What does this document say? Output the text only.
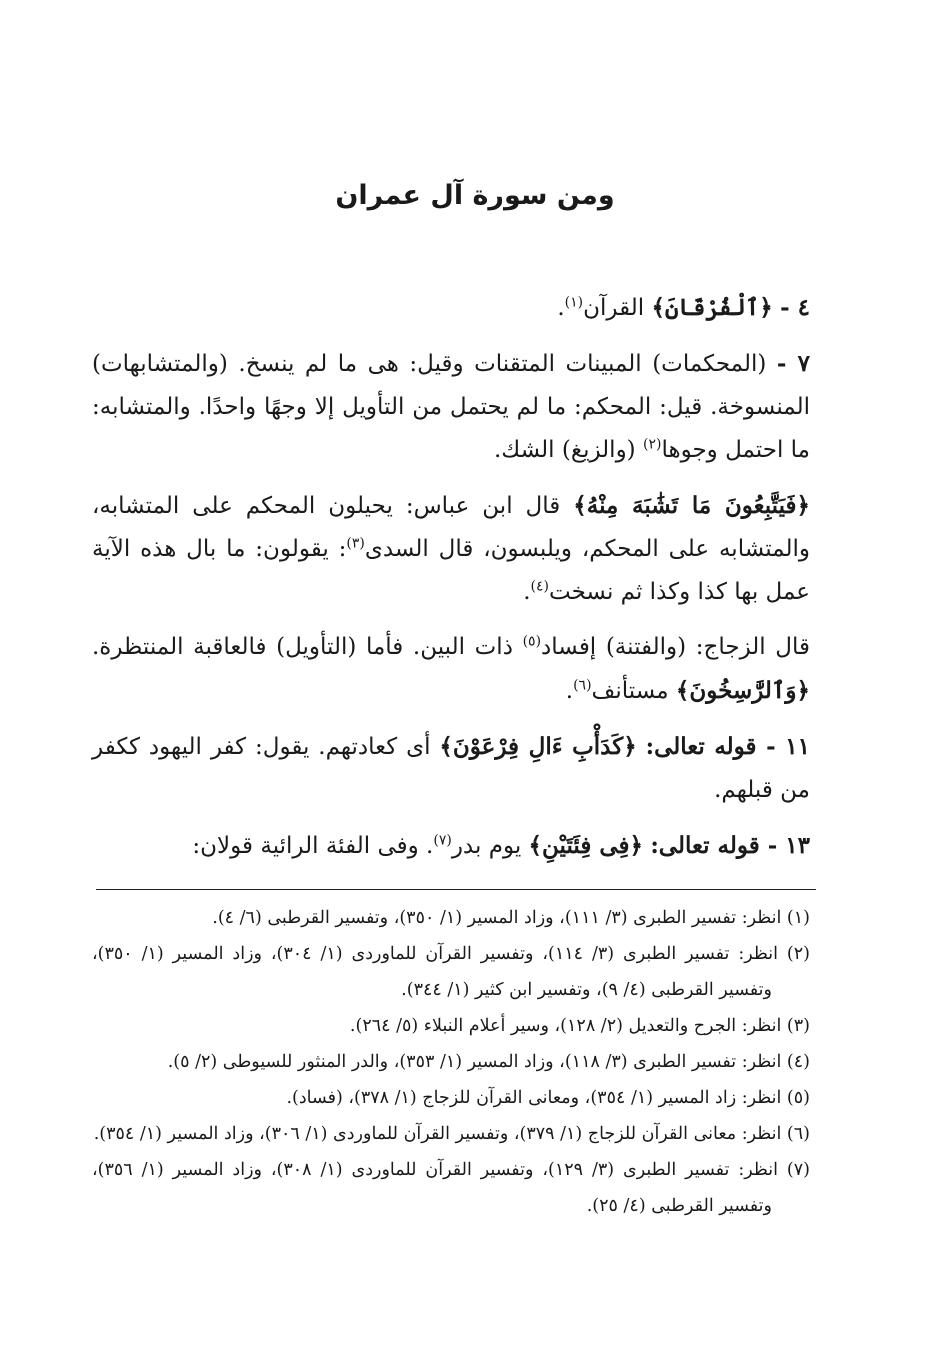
ومن سورة آل عمران

٤ - ﴿ٱلْفُرْقَانَ﴾ القرآن$^{(١)}$.

٧ - (المحكمات) المبينات المتقنات وقيل: هى ما لم ينسخ. (والمتشابهات) المنسوخة. قيل: المحكم: ما لم يحتمل من التأويل إلا وجهًا واحدًا. والمتشابه: ما احتمل وجوها$^{(٢)}$ (والزيغ) الشك.

﴿فَيَتَّبِعُونَ مَا تَشَٰبَهَ مِنْهُ﴾ قال ابن عباس: يحيلون المحكم على المتشابه، والمتشابه على المحكم، ويلبسون، قال السدى$^{(٣)}$: يقولون: ما بال هذه الآية عمل بها كذا وكذا ثم نسخت$^{(٤)}$.

قال الزجاج: (والفتنة) إفساد$^{(٥)}$ ذات البين. فأما (التأويل) فالعاقبة المنتظرة. ﴿وَٱلرَّٰسِخُونَ﴾ مستأنف$^{(٦)}$.

١١ - قوله تعالى: ﴿كَدَأْبِ ءَالِ فِرْعَوْنَ﴾ أى كعادتهم. يقول: كفر اليهود ككفر من قبلهم.

١٣ - قوله تعالى: ﴿فِى فِئَتَيْنِ﴾ يوم بدر$^{(٧)}$. وفى الفئة الرائية قولان:

(١) انظر: تفسير الطبرى (٣/ ١١١)، وزاد المسير (١/ ٣٥٠)، وتفسير القرطبى (٦/ ٤).

(٢) انظر: تفسير الطبرى (٣/ ١١٤)، وتفسير القرآن للماوردى (١/ ٣٠٤)، وزاد المسير (١/ ٣٥٠)، وتفسير القرطبى (٤/ ٩)، وتفسير ابن كثير (١/ ٣٤٤).

(٣) انظر: الجرح والتعديل (٢/ ١٢٨)، وسير أعلام النبلاء (٥/ ٢٦٤).

(٤) انظر: تفسير الطبرى (٣/ ١١٨)، وزاد المسير (١/ ٣٥٣)، والدر المنثور للسيوطى (٢/ ٥).

(٥) انظر: زاد المسير (١/ ٣٥٤)، ومعانى القرآن للزجاج (١/ ٣٧٨)، (فساد).

(٦) انظر: معانى القرآن للزجاج (١/ ٣٧٩)، وتفسير القرآن للماوردى (١/ ٣٠٦)، وزاد المسير (١/ ٣٥٤).

(٧) انظر: تفسير الطبرى (٣/ ١٢٩)، وتفسير القرآن للماوردى (١/ ٣٠٨)، وزاد المسير (١/ ٣٥٦)، وتفسير القرطبى (٤/ ٢٥).
